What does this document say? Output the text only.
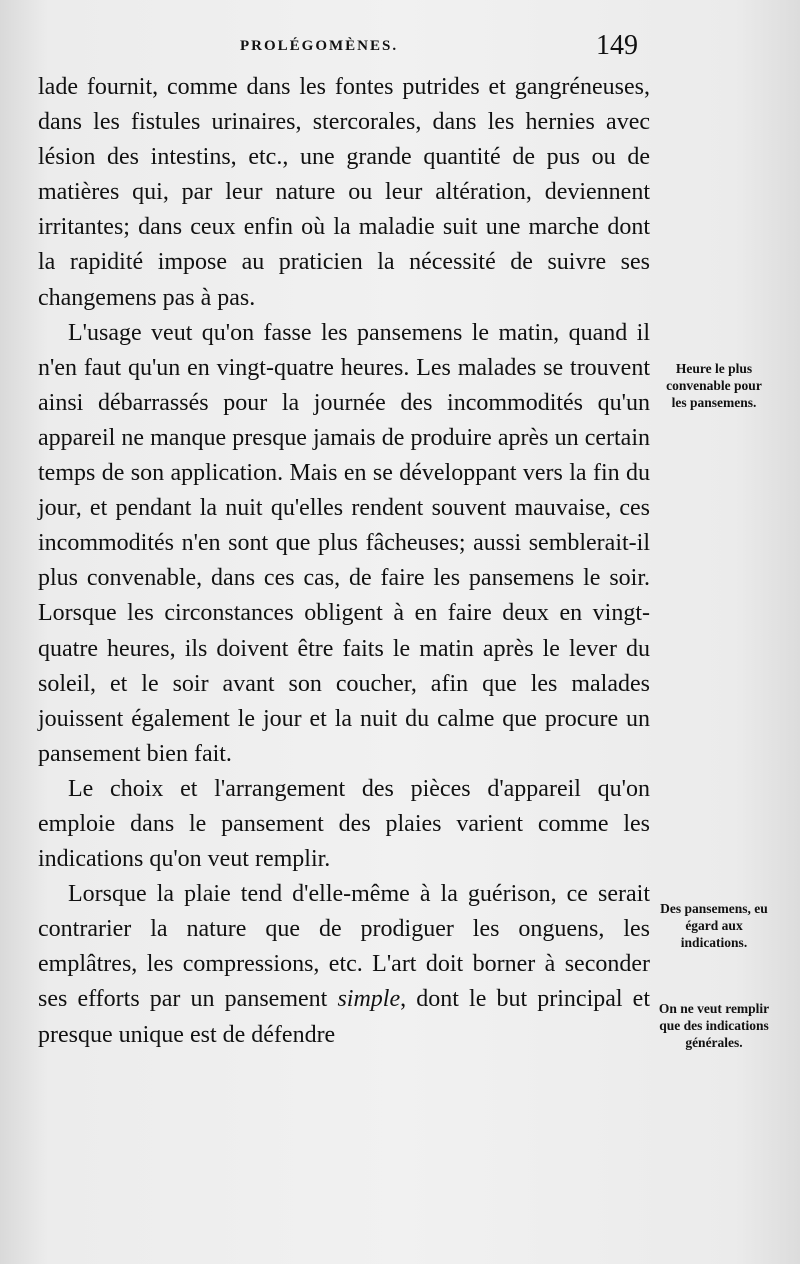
PROLÉGOMÈNES.	149

lade fournit, comme dans les fontes putrides et gangréneuses, dans les fistules urinaires, stercorales, dans les hernies avec lésion des intestins, etc., une grande quantité de pus ou de matières qui, par leur nature ou leur altération, deviennent irritantes; dans ceux enfin où la maladie suit une marche dont la rapidité impose au praticien la nécessité de suivre ses changemens pas à pas.

L'usage veut qu'on fasse les pansemens le matin, quand il n'en faut qu'un en vingt-quatre heures. Les malades se trouvent ainsi débarrassés pour la journée des incommodités qu'un appareil ne manque presque jamais de produire après un certain temps de son application. Mais en se développant vers la fin du jour, et pendant la nuit qu'elles rendent souvent mauvaise, ces incommodités n'en sont que plus fâcheuses; aussi semblerait-il plus convenable, dans ces cas, de faire les pansemens le soir. Lorsque les circonstances obligent à en faire deux en vingt-quatre heures, ils doivent être faits le matin après le lever du soleil, et le soir avant son coucher, afin que les malades jouissent également le jour et la nuit du calme que procure un pansement bien fait.

Le choix et l'arrangement des pièces d'appareil qu'on emploie dans le pansement des plaies varient comme les indications qu'on veut remplir.

Lorsque la plaie tend d'elle-même à la guérison, ce serait contrarier la nature que de prodiguer les onguens, les emplâtres, les compressions, etc. L'art doit borner à seconder ses efforts par un pansement simple, dont le but principal et presque unique est de défendre

Heure le plus convenable pour les pansemens.
Des pansemens, eu égard aux indications.
On ne veut remplir que des indications générales.
